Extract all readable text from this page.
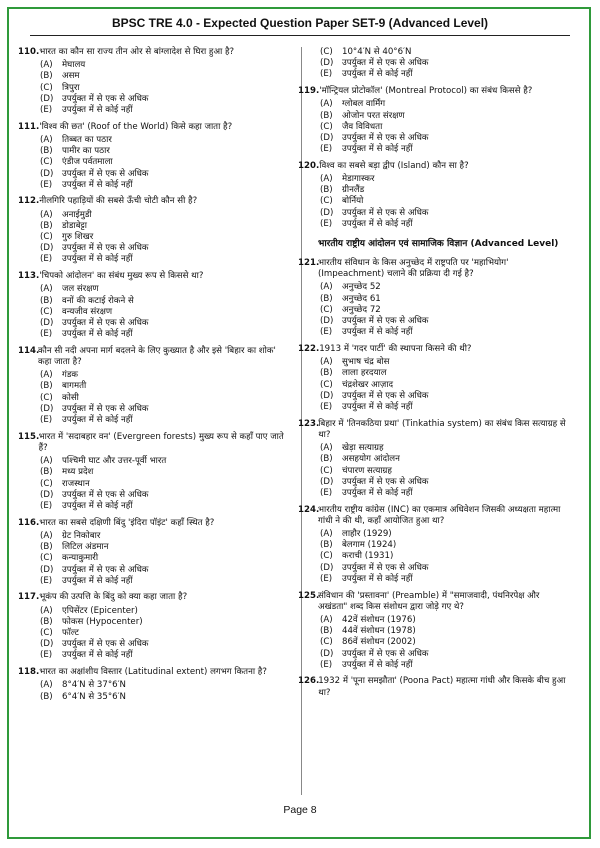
BPSC TRE 4.0 - Expected Question Paper SET-9 (Advanced Level)
110. भारत का कौन सा राज्य तीन ओर से बांग्लादेश से घिरा हुआ है?
(A)	मेघालय
(B)	असम
(C)	त्रिपुरा
(D)	उपर्युक्त में से एक से अधिक
(E)	उपर्युक्त में से कोई नहीं
111. 'विश्व की छत' (Roof of the World) किसे कहा जाता है?
(A)	तिब्बत का पठार
(B)	पामीर का पठार
(C)	एंडीज पर्वतमाला
(D)	उपर्युक्त में से एक से अधिक
(E)	उपर्युक्त में से कोई नहीं
112. नीलगिरि पहाड़ियों की सबसे ऊँची चोटी कौन सी है?
(A)	अनाईमुडी
(B)	डोडाबेट्टा
(C)	गुरु शिखर
(D)	उपर्युक्त में से एक से अधिक
(E)	उपर्युक्त में से कोई नहीं
113. 'चिपको आंदोलन' का संबंध मुख्य रूप से किससे था?
(A)	जल संरक्षण
(B)	वनों की कटाई रोकने से
(C)	वन्यजीव संरक्षण
(D)	उपर्युक्त में से एक से अधिक
(E)	उपर्युक्त में से कोई नहीं
114.
कौन सी नदी अपना मार्ग बदलने के लिए कुख्यात है और इसे 'बिहार का शोक' कहा जाता है?
(A)	गंडक
(B)	बागमती
(C)	कोसी
(D)	उपर्युक्त में से एक से अधिक
(E)	उपर्युक्त में से कोई नहीं
115. भारत में 'सदाबहार वन' (Evergreen forests) मुख्य रूप से कहाँ पाए जाते हैं?
(A)	पश्चिमी घाट और उत्तर-पूर्वी भारत
(B)	मध्य प्रदेश
(C)	राजस्थान
(D)	उपर्युक्त में से एक से अधिक
(E)	उपर्युक्त में से कोई नहीं
116. भारत का सबसे दक्षिणी बिंदु 'इंदिरा पॉइंट' कहाँ स्थित है?
(A)	ग्रेट निकोबार
(B)	लिटिल अंडमान
(C)	कन्याकुमारी
(D)	उपर्युक्त में से एक से अधिक
(E)	उपर्युक्त में से कोई नहीं
117. भूकंप की उत्पत्ति के बिंदु को क्या कहा जाता है?
(A)	एपिसेंटर (Epicenter)
(B)	फोकस (Hypocenter)
(C)	फॉल्ट
(D)	उपर्युक्त में से एक से अधिक
(E)	उपर्युक्त में से कोई नहीं
118. भारत का अक्षांशीय विस्तार (Latitudinal extent) लगभग कितना है?
(A)	8°4′N से 37°6′N
(B)	6°4′N से 35°6′N
(C)	10°4′N से 40°6′N
(D)	उपर्युक्त में से एक से अधिक
(E)	उपर्युक्त में से कोई नहीं
119. 'मॉन्ट्रियल प्रोटोकॉल' (Montreal Protocol) का संबंध किससे है?
(A)	ग्लोबल वार्मिंग
(B)	ओजोन परत संरक्षण
(C)	जैव विविधता
(D)	उपर्युक्त में से एक से अधिक
(E)	उपर्युक्त में से कोई नहीं
120. विश्व का सबसे बड़ा द्वीप (Island) कौन सा है?
(A)	मेडागास्कर
(B)	ग्रीनलैंड
(C)	बोर्नियो
(D)	उपर्युक्त में से एक से अधिक
(E)	उपर्युक्त में से कोई नहीं
भारतीय राष्ट्रीय आंदोलन एवं सामाजिक विज्ञान (Advanced Level)
121.
भारतीय संविधान के किस अनुच्छेद में राष्ट्रपति पर 'महाभियोग' (Impeachment) चलाने की प्रक्रिया दी गई है?
(A)	अनुच्छेद 52
(B)	अनुच्छेद 61
(C)	अनुच्छेद 72
(D)	उपर्युक्त में से एक से अधिक
(E)	उपर्युक्त में से कोई नहीं
122. 1913 में 'गदर पार्टी' की स्थापना किसने की थी?
(A)	सुभाष चंद्र बोस
(B)	लाला हरदयाल
(C)	चंद्रशेखर आज़ाद
(D)	उपर्युक्त में से एक से अधिक
(E)	उपर्युक्त में से कोई नहीं
123.
बिहार में 'तिनकठिया प्रथा' (Tinkathia system) का संबंध किस सत्याग्रह से था?
(A)	खेड़ा सत्याग्रह
(B)	असहयोग आंदोलन
(C)	चंपारण सत्याग्रह
(D)	उपर्युक्त में से एक से अधिक
(E)	उपर्युक्त में से कोई नहीं
124.
भारतीय राष्ट्रीय कांग्रेस (INC) का एकमात्र अधिवेशन जिसकी अध्यक्षता महात्मा गांधी ने की थी, कहाँ आयोजित हुआ था?
(A)	लाहौर (1929)
(B)	बेलगाम (1924)
(C)	कराची (1931)
(D)	उपर्युक्त में से एक से अधिक
(E)	उपर्युक्त में से कोई नहीं
125.
संविधान की 'प्रस्तावना' (Preamble) में "समाजवादी, पंथनिरपेक्ष और अखंडता" शब्द किस संशोधन द्वारा जोड़े गए थे?
(A)	42वें संशोधन (1976)
(B)	44वें संशोधन (1978)
(C)	86वें संशोधन (2002)
(D)	उपर्युक्त में से एक से अधिक
(E)	उपर्युक्त में से कोई नहीं
126. 1932 में 'पूना समझौता' (Poona Pact) महात्मा गांधी और किसके बीच हुआ था?
Page 8
